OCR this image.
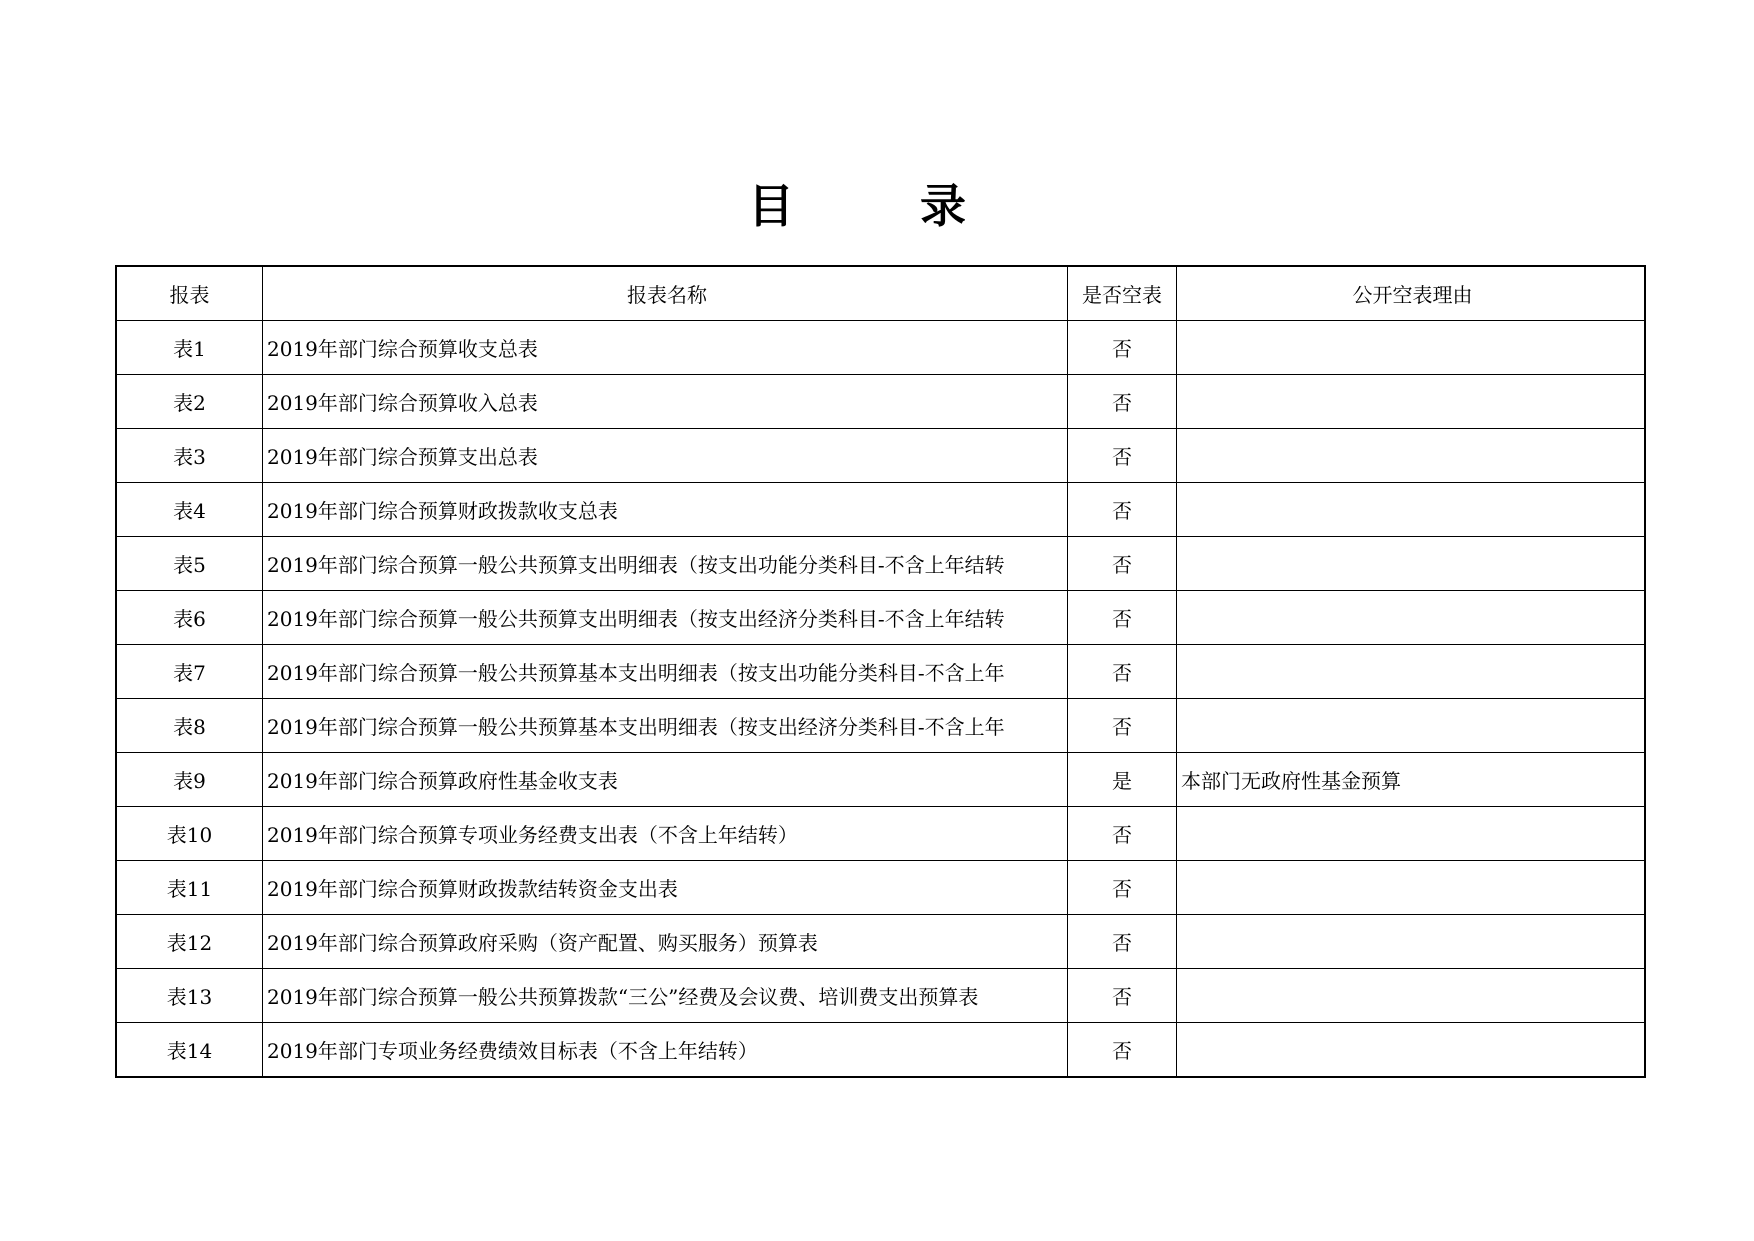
目　录
报表	报表名称	是否空表	公开空表理由
表1	2019年部门综合预算收支总表	否	
表2	2019年部门综合预算收入总表	否	
表3	2019年部门综合预算支出总表	否	
表4	2019年部门综合预算财政拨款收支总表	否	
表5	2019年部门综合预算一般公共预算支出明细表（按支出功能分类科目-不含上年结转	否	
表6	2019年部门综合预算一般公共预算支出明细表（按支出经济分类科目-不含上年结转	否	
表7	2019年部门综合预算一般公共预算基本支出明细表（按支出功能分类科目-不含上年	否	
表8	2019年部门综合预算一般公共预算基本支出明细表（按支出经济分类科目-不含上年	否	
表9	2019年部门综合预算政府性基金收支表	是	本部门无政府性基金预算
表10	2019年部门综合预算专项业务经费支出表（不含上年结转）	否	
表11	2019年部门综合预算财政拨款结转资金支出表	否	
表12	2019年部门综合预算政府采购（资产配置、购买服务）预算表	否	
表13	2019年部门综合预算一般公共预算拨款“三公”经费及会议费、培训费支出预算表	否	
表14	2019年部门专项业务经费绩效目标表（不含上年结转）	否	
